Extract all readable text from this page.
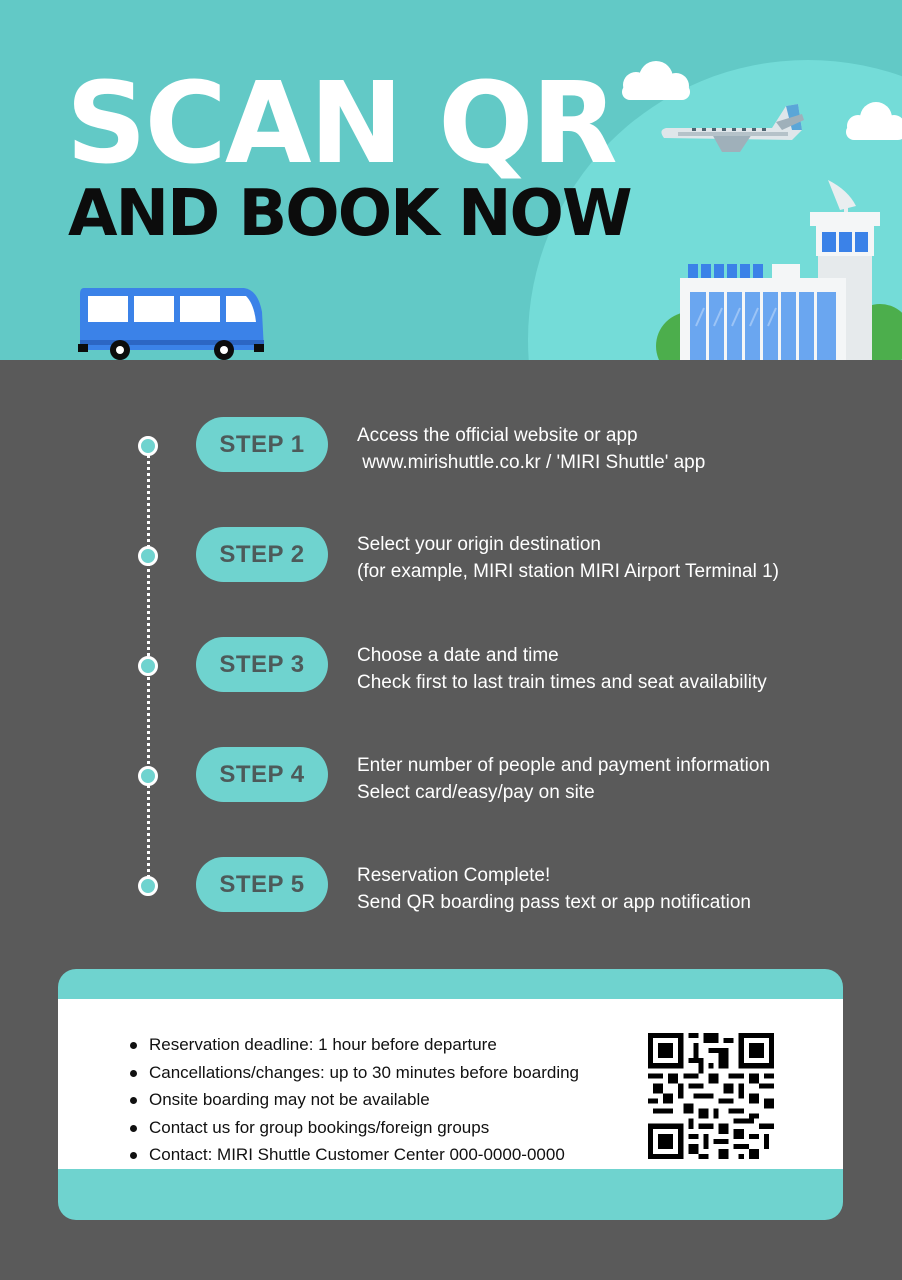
SCAN QR
AND BOOK NOW
STEP 1	Access the official website or app
www.mirishuttle.co.kr / 'MIRI Shuttle' app
STEP 2	Select your origin destination
(for example, MIRI station MIRI Airport Terminal 1)
STEP 3	Choose a date and time
Check first to last train times and seat availability
STEP 4	Enter number of people and payment information
Select card/easy/pay on site
STEP 5	Reservation Complete!
Send QR boarding pass text or app notification
Reservation deadline: 1 hour before departure
Cancellations/changes: up to 30 minutes before boarding
Onsite boarding may not be available
Contact us for group bookings/foreign groups
Contact: MIRI Shuttle Customer Center 000-0000-0000
